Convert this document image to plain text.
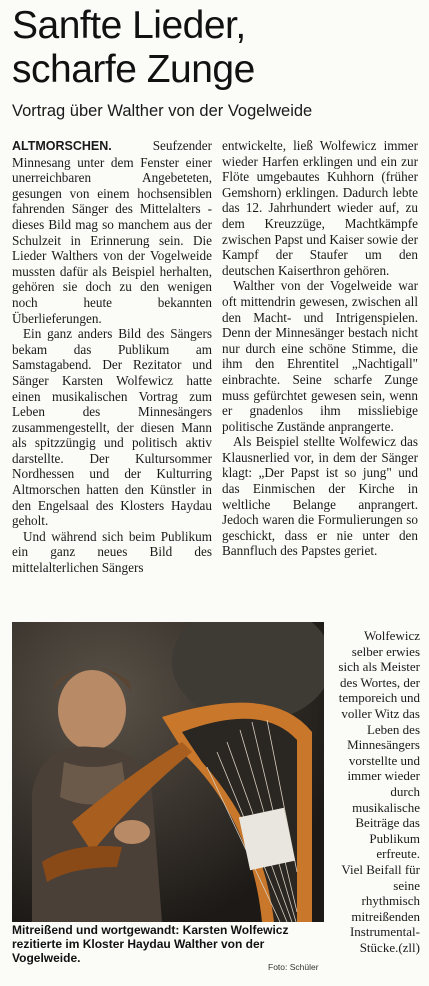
Sanfte Lieder,
scharfe Zunge
Vortrag über Walther von der Vogelweide

ALTMORSCHEN.	Seufzender Minnesang unter dem Fenster einer unerreichbaren Angebeteten, gesungen von einem hochsensiblen fahrenden Sänger des Mittelalters - dieses Bild mag so manchem aus der Schulzeit in Erinnerung sein. Die Lieder Walthers von der Vogelweide mussten dafür als Beispiel herhalten, gehören sie doch zu den wenigen noch heute bekannten Überlieferungen.

Ein ganz anders Bild des Sängers bekam das Publikum am Samstagabend. Der Rezitator und Sänger Karsten Wolfewicz hatte einen musikalischen Vortrag zum Leben des Minnesängers zusammengestellt, der diesen Mann als spitzzüngig und politisch aktiv darstellte. Der Kultursommer Nordhessen und der Kulturring Altmorschen hatten den Künstler in den Engelsaal des Klosters Haydau geholt.

Und während sich beim Publikum ein ganz neues Bild des mittelalterlichen Sängers

entwickelte, ließ Wolfewicz immer wieder Harfen erklingen und ein zur Flöte umgebautes Kuhhorn (früher Gemshorn) erklingen. Dadurch lebte das 12. Jahrhundert wieder auf, zu dem Kreuzzüge, Machtkämpfe zwischen Papst und Kaiser sowie der Kampf der Staufer um den deutschen Kaiserthron gehören.

Walther von der Vogelweide war oft mittendrin gewesen, zwischen all den Macht- und Intrigenspielen. Denn der Minnesänger bestach nicht nur durch eine schöne Stimme, die ihm den Ehrentitel „Nachtigall" einbrachte. Seine scharfe Zunge muss gefürchtet gewesen sein, wenn er gnadenlos ihm missliebige politische Zustände anprangerte.

Als Beispiel stellte Wolfewicz das Klausnerlied vor, in dem der Sänger klagt: „Der Papst ist so jung" und das Einmischen der Kirche in weltliche Belange anprangert. Jedoch waren die Formulierungen so geschickt, dass er nie unter den Bannfluch des Papstes geriet.

Wolfewicz selber erwies sich als Meister des Wortes, der temporeich und voller Witz das Leben des Minnesängers vorstellte und immer wieder durch musikalische Beiträge das Publikum erfreute.

Viel Beifall für seine rhythmisch mitreißenden Instrumental-Stücke.(zll)

Mitreißend und wortgewandt: Karsten Wolfewicz rezitierte im Kloster Haydau Walther von der Vogelweide.
Foto: Schüler
